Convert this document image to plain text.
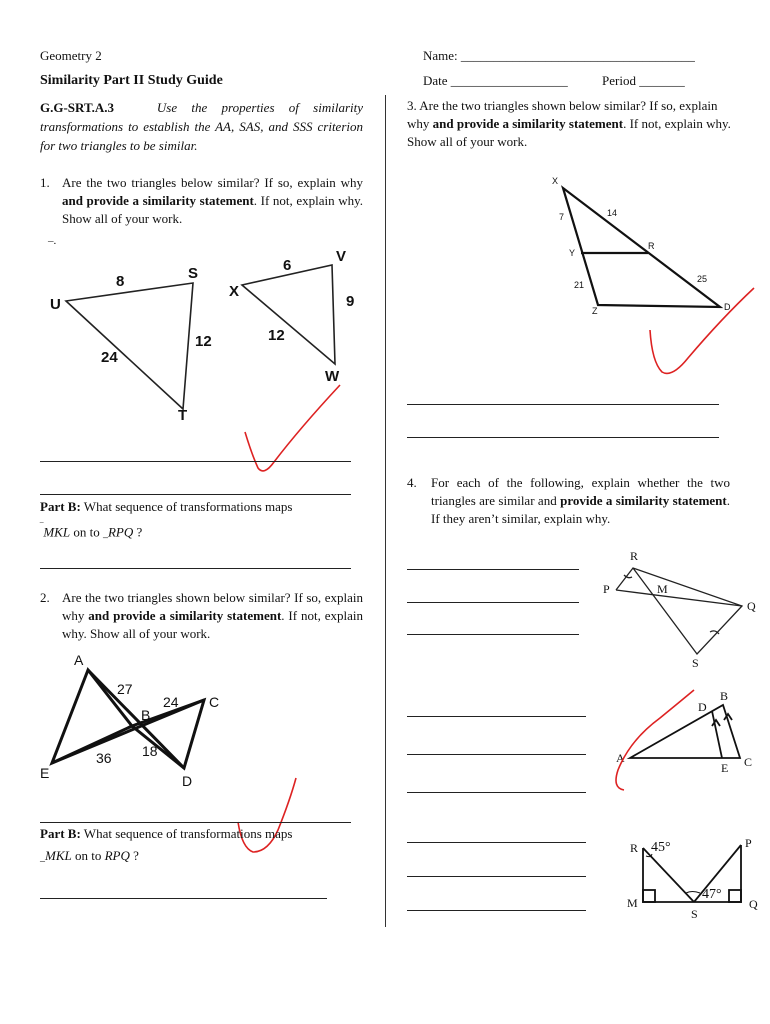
Geometry 2
Similarity Part II Study Guide
Name: ____________________________________
Date __________________	Period _______
G.G-SRT.A.3	Use the properties of similarity transformations to establish the AA, SAS, and SSS criterion for two triangles to be similar.
1. Are the two triangles below similar? If so, explain why and provide a similarity statement. If not, explain why. Show all of your work.
–.
U
S
T
X
V
W
8
24
12
6
9
12
Part B: What sequence of transformations maps
‾MKL on to _RPQ ?
2. Are the two triangles shown below similar? If so, explain why and provide a similarity statement. If not, explain why. Show all of your work.
A
B
C
D
E
27
24
36 18
Part B: What sequence of transformations maps
_MKL on to RPQ ?
3. Are the two triangles shown below similar? If so, explain why and provide a similarity statement. If not, explain why. Show all of your work.
X
Y
Z
R
D
7	14
21
25
4. For each of the following, explain whether the two triangles are similar and provide a similarity statement. If they aren’t similar, explain why.
R
P	M
Q
S
A
B
C
D
E
R	P
M
S
Q
45°
47°
